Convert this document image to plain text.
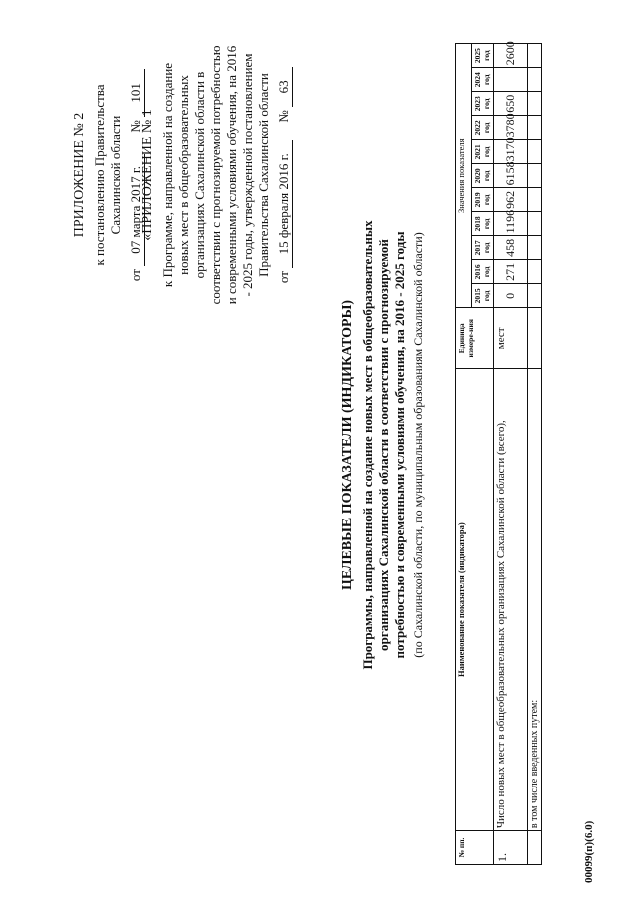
ПРИЛОЖЕНИЕ № 2 к постановлению Правительства Сахалинской области
от 07 марта 2017 г. № 101
«ПРИЛОЖЕНИЕ № 1 к Программе, направленной на создание новых мест в общеобразовательных организациях Сахалинской области в соответствии с прогнозируемой потребностью и современными условиями обучения, на 2016 - 2025 годы, утвержденной постановлением Правительства Сахалинской области
от 15 февраля 2016 г. № 63
ЦЕЛЕВЫЕ ПОКАЗАТЕЛИ (ИНДИКАТОРЫ) Программы, направленной на создание новых мест в общеобразовательных организациях Сахалинской области в соответствии с прогнозируемой потребностью и современными условиями обучения, на 2016 - 2025 годы (по Сахалинской области, по муниципальным образованиям Сахалинской области)
№ пп.	Наименование показателя (индикатора)	Единица измере-ния	Значения показателя										
			2015 год	2016 год	2017 год	2018 год	2019 год	2020 год	2021 год	2022 год	2023 год	2024 год	2025 год
1.	Число новых мест в общеобразовательных организациях Сахалинской области (всего),	мест	0	271	458	1196	962	6158	3170	3780	650		2600
	в том числе введенных путем:												
00099(п)(6.0)
